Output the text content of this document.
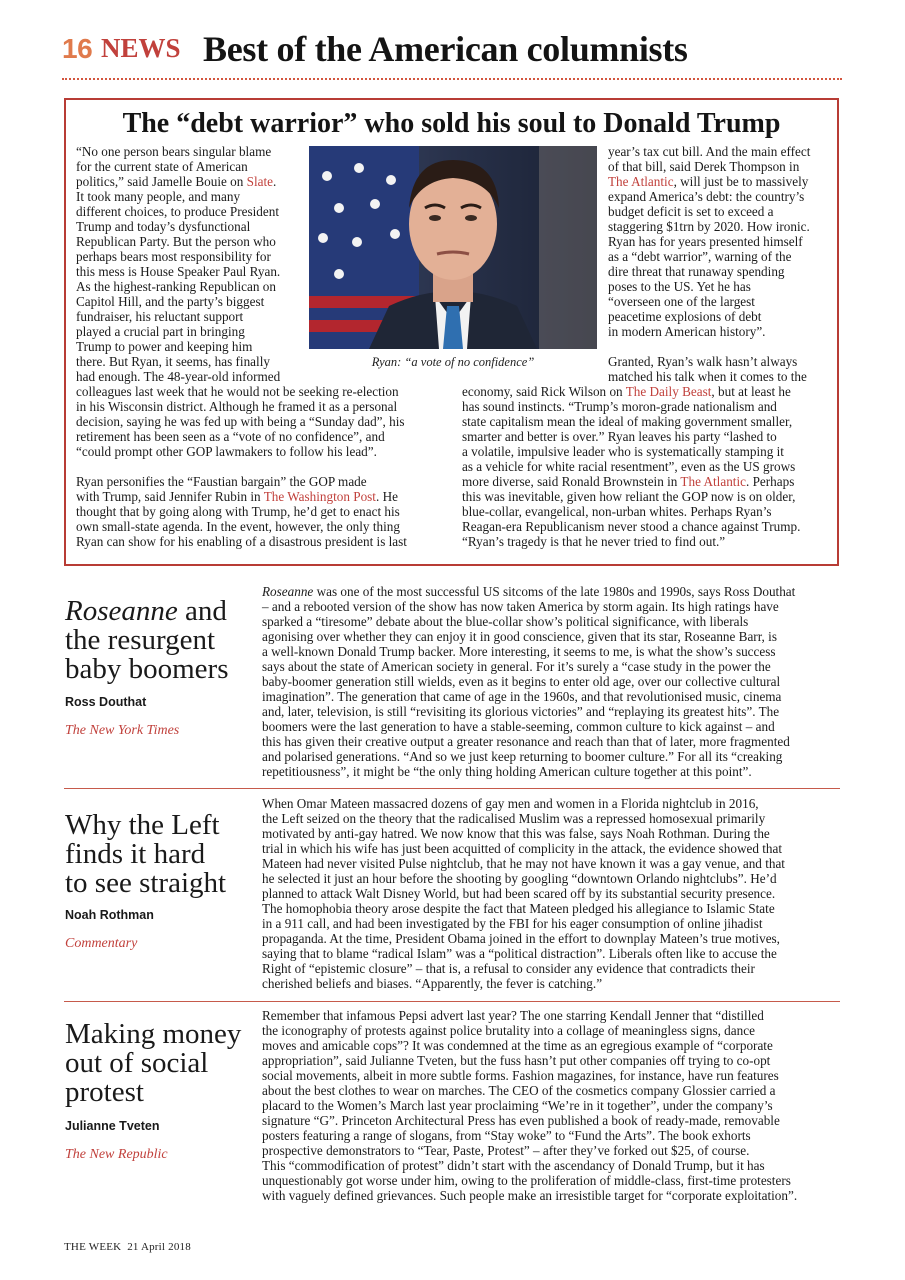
16 NEWS Best of the American columnists
The “debt warrior” who sold his soul to Donald Trump
Ryan: “a vote of no confidence”
“No one person bears singular blame
for the current state of American
politics,” said Jamelle Bouie on Slate.
It took many people, and many
different choices, to produce President
Trump and today’s dysfunctional
Republican Party. But the person who
perhaps bears most responsibility for
this mess is House Speaker Paul Ryan.
As the highest-ranking Republican on
Capitol Hill, and the party’s biggest
fundraiser, his reluctant support
played a crucial part in bringing
Trump to power and keeping him
there. But Ryan, it seems, has finally
had enough. The 48-year-old informed
colleagues last week that he would not be seeking re-election
in his Wisconsin district. Although he framed it as a personal
decision, saying he was fed up with being a “Sunday dad”, his
retirement has been seen as a “vote of no confidence”, and
“could prompt other GOP lawmakers to follow his lead”.
Ryan personifies the “Faustian bargain” the GOP made
with Trump, said Jennifer Rubin in The Washington Post. He
thought that by going along with Trump, he’d get to enact his
own small-state agenda. In the event, however, the only thing
Ryan can show for his enabling of a disastrous president is last
year’s tax cut bill. And the main effect
of that bill, said Derek Thompson in
The Atlantic, will just be to massively
expand America’s debt: the country’s
budget deficit is set to exceed a
staggering $1trn by 2020. How ironic.
Ryan has for years presented himself
as a “debt warrior”, warning of the
dire threat that runaway spending
poses to the US. Yet he has
“overseen one of the largest
peacetime explosions of debt
in modern American history”.
Granted, Ryan’s walk hasn’t always
matched his talk when it comes to the
economy, said Rick Wilson on The Daily Beast, but at least he
has sound instincts. “Trump’s moron-grade nationalism and
state capitalism mean the ideal of making government smaller,
smarter and better is over.” Ryan leaves his party “lashed to
a volatile, impulsive leader who is systematically stamping it
as a vehicle for white racial resentment”, even as the US grows
more diverse, said Ronald Brownstein in The Atlantic. Perhaps
this was inevitable, given how reliant the GOP now is on older,
blue-collar, evangelical, non-urban whites. Perhaps Ryan’s
Reagan-era Republicanism never stood a chance against Trump.
“Ryan’s tragedy is that he never tried to find out.”
Roseanne and
the resurgent
baby boomers
Ross Douthat
The New York Times
Roseanne was one of the most successful US sitcoms of the late 1980s and 1990s, says Ross Douthat
– and a rebooted version of the show has now taken America by storm again. Its high ratings have
sparked a “tiresome” debate about the blue-collar show’s political significance, with liberals
agonising over whether they can enjoy it in good conscience, given that its star, Roseanne Barr, is
a well-known Donald Trump backer. More interesting, it seems to me, is what the show’s success
says about the state of American society in general. For it’s surely a “case study in the power the
baby-boomer generation still wields, even as it begins to enter old age, over our collective cultural
imagination”. The generation that came of age in the 1960s, and that revolutionised music, cinema
and, later, television, is still “revisiting its glorious victories” and “replaying its greatest hits”. The
boomers were the last generation to have a stable-seeming, common culture to kick against – and
this has given their creative output a greater resonance and reach than that of later, more fragmented
and polarised generations. “And so we just keep returning to boomer culture.” For all its “creaking
repetitiousness”, it might be “the only thing holding American culture together at this point”.
Why the Left
finds it hard
to see straight
Noah Rothman
Commentary
When Omar Mateen massacred dozens of gay men and women in a Florida nightclub in 2016,
the Left seized on the theory that the radicalised Muslim was a repressed homosexual primarily
motivated by anti-gay hatred. We now know that this was false, says Noah Rothman. During the
trial in which his wife has just been acquitted of complicity in the attack, the evidence showed that
Mateen had never visited Pulse nightclub, that he may not have known it was a gay venue, and that
he selected it just an hour before the shooting by googling “downtown Orlando nightclubs”. He’d
planned to attack Walt Disney World, but had been scared off by its substantial security presence.
The homophobia theory arose despite the fact that Mateen pledged his allegiance to Islamic State
in a 911 call, and had been investigated by the FBI for his eager consumption of online jihadist
propaganda. At the time, President Obama joined in the effort to downplay Mateen’s true motives,
saying that to blame “radical Islam” was a “political distraction”. Liberals often like to accuse the
Right of “epistemic closure” – that is, a refusal to consider any evidence that contradicts their
cherished beliefs and biases. “Apparently, the fever is catching.”
Making money
out of social
protest
Julianne Tveten
The New Republic
Remember that infamous Pepsi advert last year? The one starring Kendall Jenner that “distilled
the iconography of protests against police brutality into a collage of meaningless signs, dance
moves and amicable cops”? It was condemned at the time as an egregious example of “corporate
appropriation”, said Julianne Tveten, but the fuss hasn’t put other companies off trying to co-opt
social movements, albeit in more subtle forms. Fashion magazines, for instance, have run features
about the best clothes to wear on marches. The CEO of the cosmetics company Glossier carried a
placard to the Women’s March last year proclaiming “We’re in it together”, under the company’s
signature “G”. Princeton Architectural Press has even published a book of ready-made, removable
posters featuring a range of slogans, from “Stay woke” to “Fund the Arts”. The book exhorts
prospective demonstrators to “Tear, Paste, Protest” – after they’ve forked out $25, of course.
This “commodification of protest” didn’t start with the ascendancy of Donald Trump, but it has
unquestionably got worse under him, owing to the proliferation of middle-class, first-time protesters
with vaguely defined grievances. Such people make an irresistible target for “corporate exploitation”.
THE WEEK 21 April 2018
